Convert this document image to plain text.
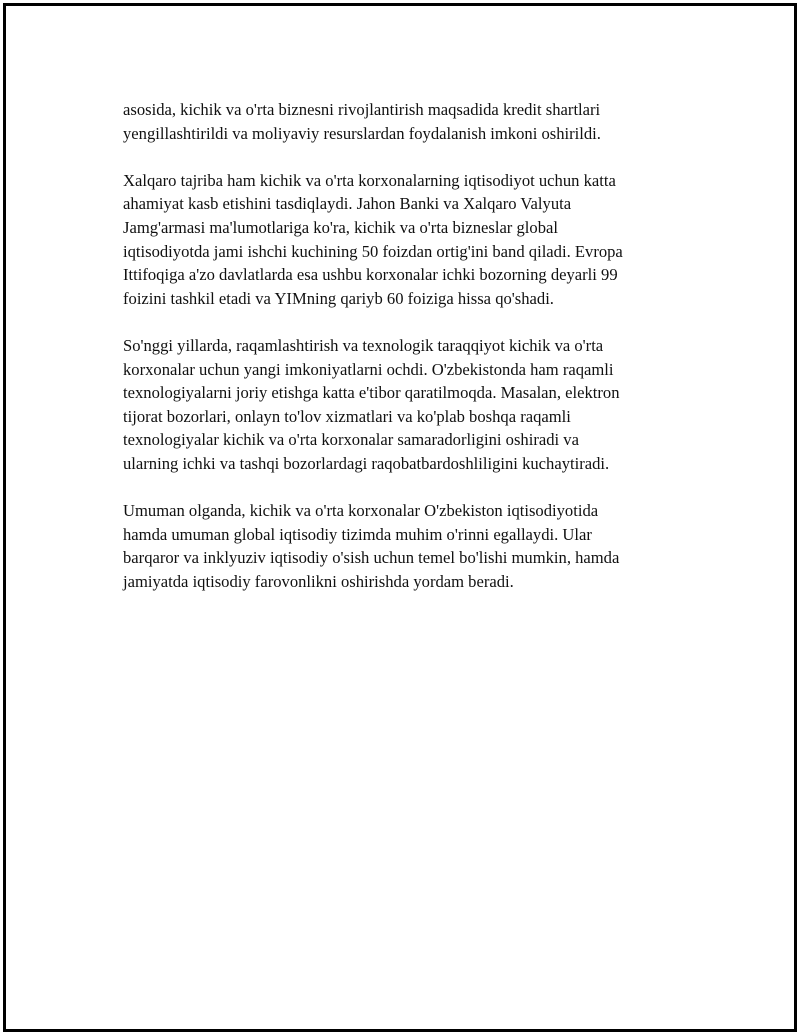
asosida, kichik va o'rta biznesni rivojlantirish maqsadida kredit shartlari
yengillashtirildi va moliyaviy resurslardan foydalanish imkoni oshirildi.

Xalqaro tajriba ham kichik va o'rta korxonalarning iqtisodiyot uchun katta
ahamiyat kasb etishini tasdiqlaydi. Jahon Banki va Xalqaro Valyuta
Jamg'armasi ma'lumotlariga ko'ra, kichik va o'rta bizneslar global
iqtisodiyotda jami ishchi kuchining 50 foizdan ortig'ini band qiladi. Evropa
Ittifoqiga a'zo davlatlarda esa ushbu korxonalar ichki bozorning deyarli 99
foizini tashkil etadi va YIMning qariyb 60 foiziga hissa qo'shadi.

So'nggi yillarda, raqamlashtirish va texnologik taraqqiyot kichik va o'rta
korxonalar uchun yangi imkoniyatlarni ochdi. O'zbekistonda ham raqamli
texnologiyalarni joriy etishga katta e'tibor qaratilmoqda. Masalan, elektron
tijorat bozorlari, onlayn to'lov xizmatlari va ko'plab boshqa raqamli
texnologiyalar kichik va o'rta korxonalar samaradorligini oshiradi va
ularning ichki va tashqi bozorlardagi raqobatbardoshliligini kuchaytiradi.

Umuman olganda, kichik va o'rta korxonalar O'zbekiston iqtisodiyotida
hamda umuman global iqtisodiy tizimda muhim o'rinni egallaydi. Ular
barqaror va inklyuziv iqtisodiy o'sish uchun temel bo'lishi mumkin, hamda
jamiyatda iqtisodiy farovonlikni oshirishda yordam beradi.
